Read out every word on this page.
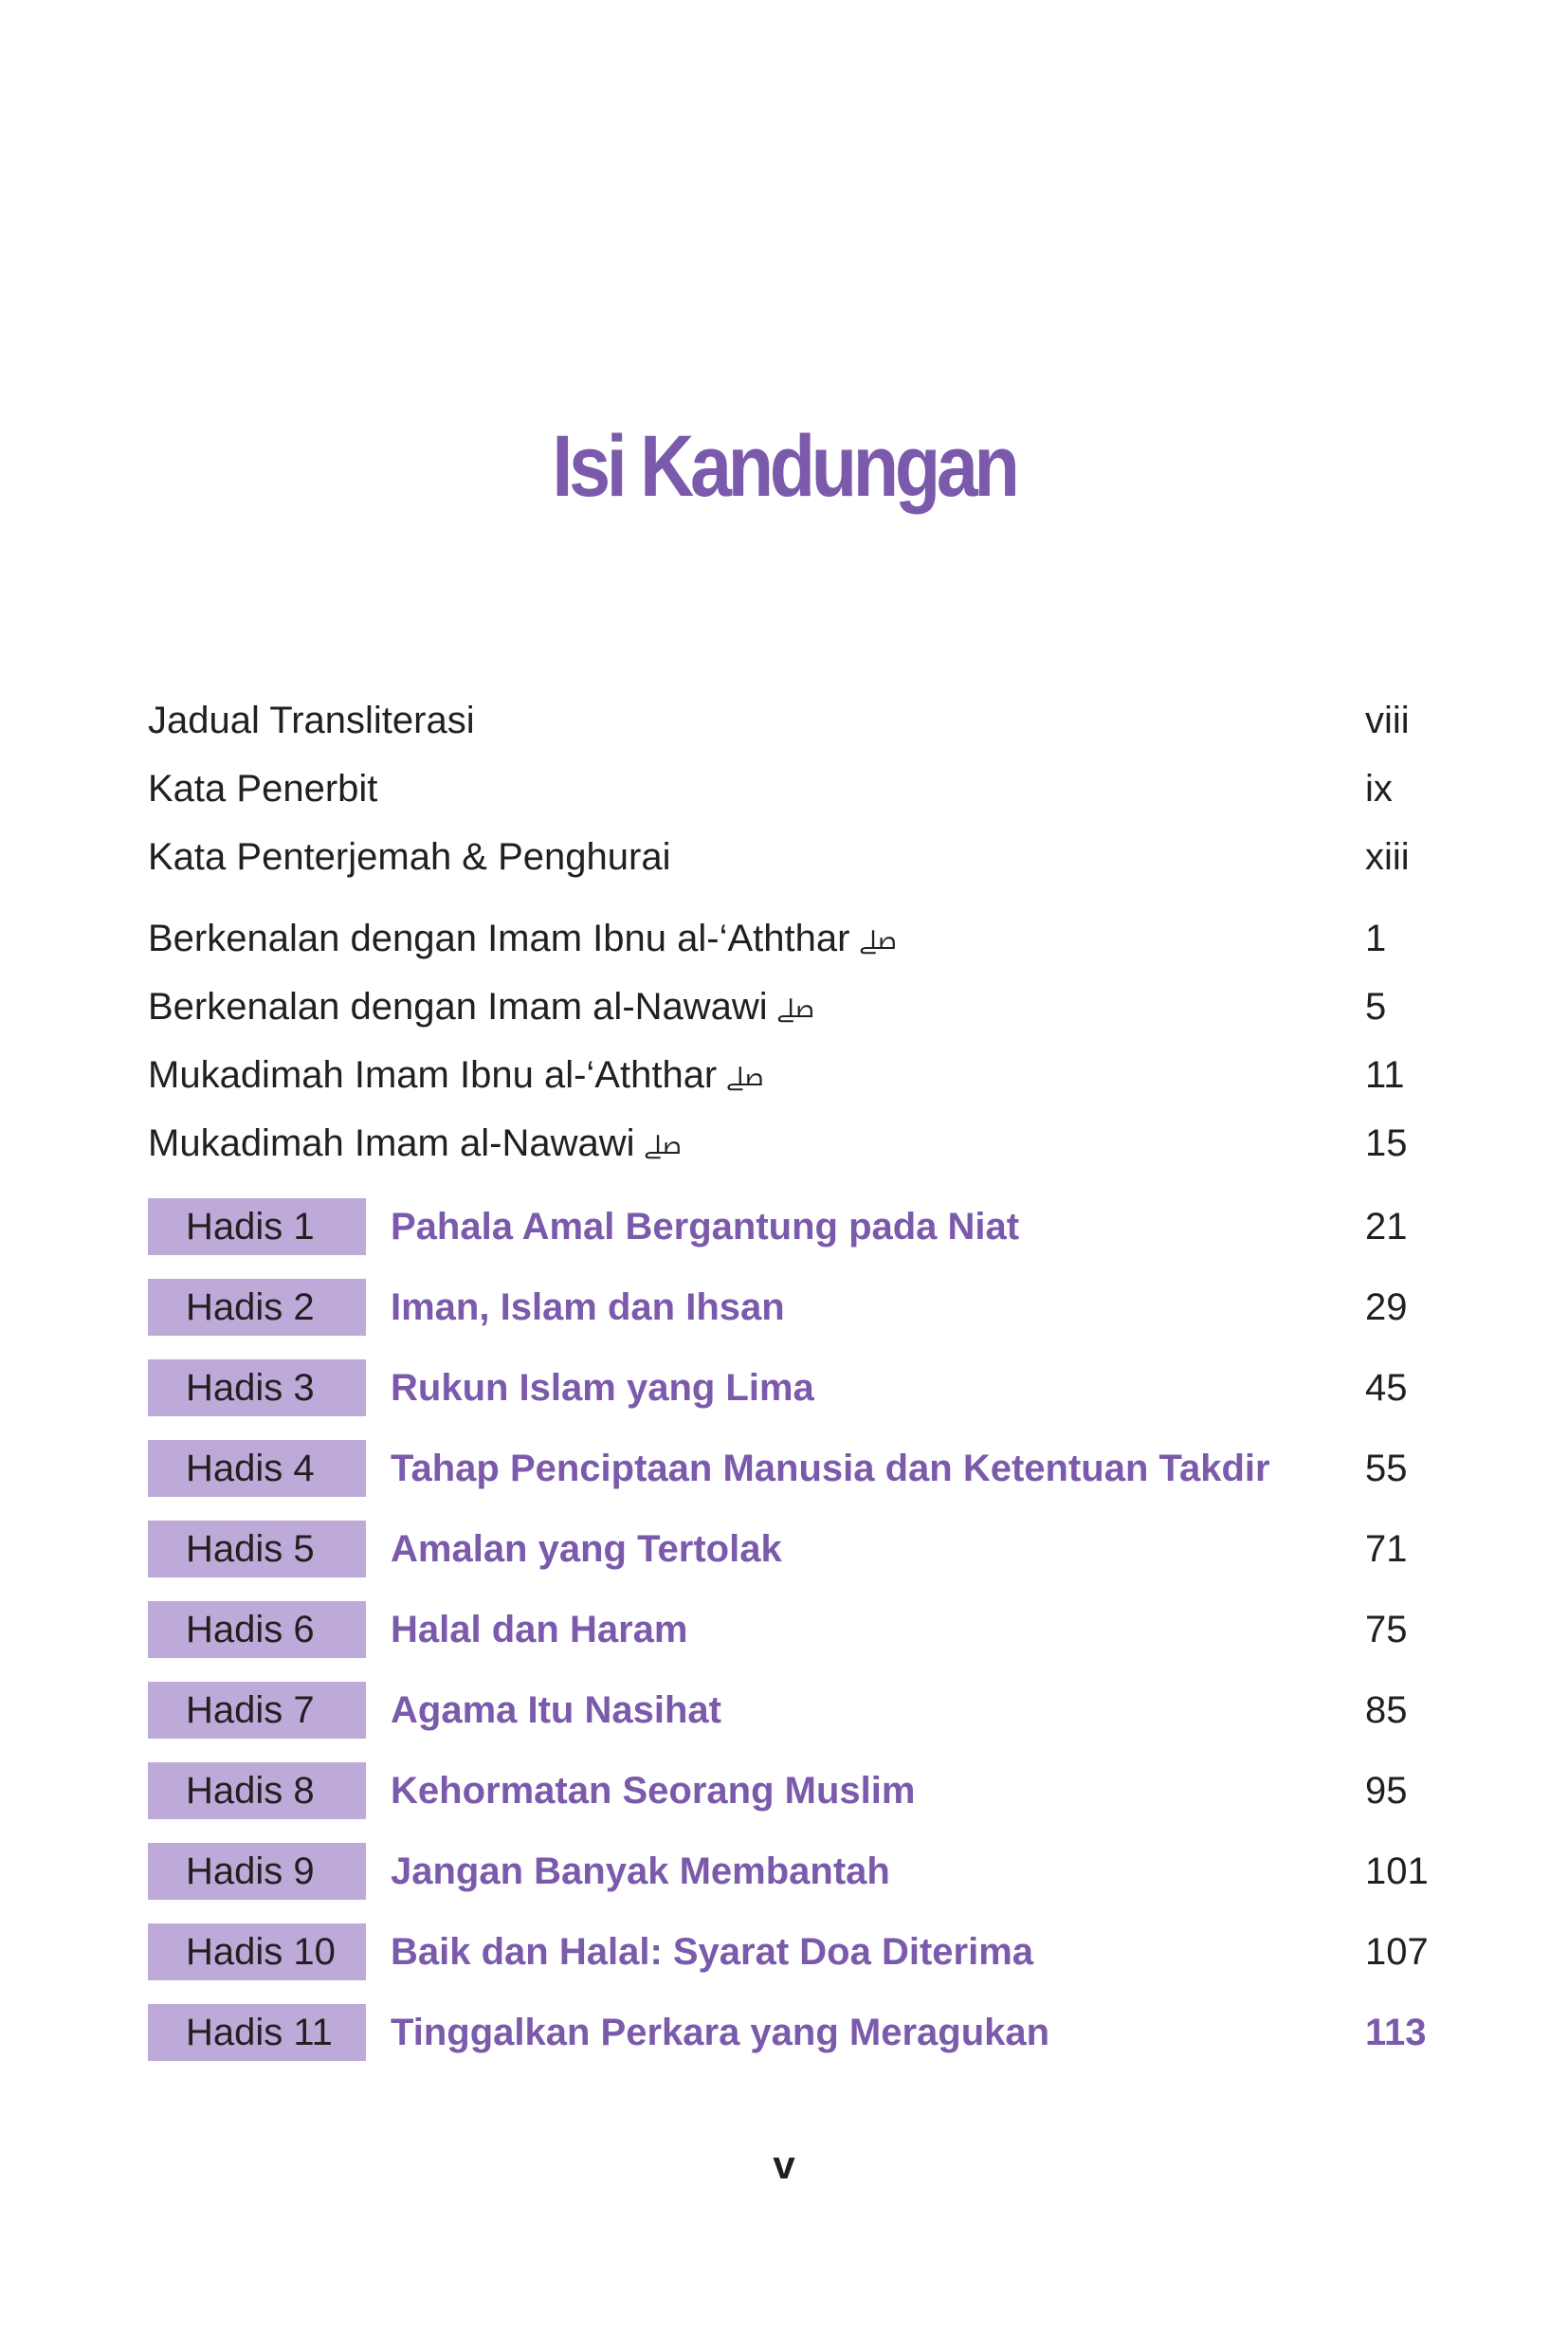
Isi Kandungan
Jadual Transliterasi	viii
Kata Penerbit	ix
Kata Penterjemah & Penghurai	xiii
Berkenalan dengan Imam Ibnu al-‘Aththar ﷰ	1
Berkenalan dengan Imam al-Nawawi ﷰ	5
Mukadimah Imam Ibnu al-‘Aththar ﷰ	11
Mukadimah Imam al-Nawawi ﷰ	15
Hadis 1	Pahala Amal Bergantung pada Niat	21
Hadis 2	Iman, Islam dan Ihsan	29
Hadis 3	Rukun Islam yang Lima	45
Hadis 4	Tahap Penciptaan Manusia dan Ketentuan Takdir	55
Hadis 5	Amalan yang Tertolak	71
Hadis 6	Halal dan Haram	75
Hadis 7	Agama Itu Nasihat	85
Hadis 8	Kehormatan Seorang Muslim	95
Hadis 9	Jangan Banyak Membantah	101
Hadis 10	Baik dan Halal: Syarat Doa Diterima	107
Hadis 11	Tinggalkan Perkara yang Meragukan	113
v
